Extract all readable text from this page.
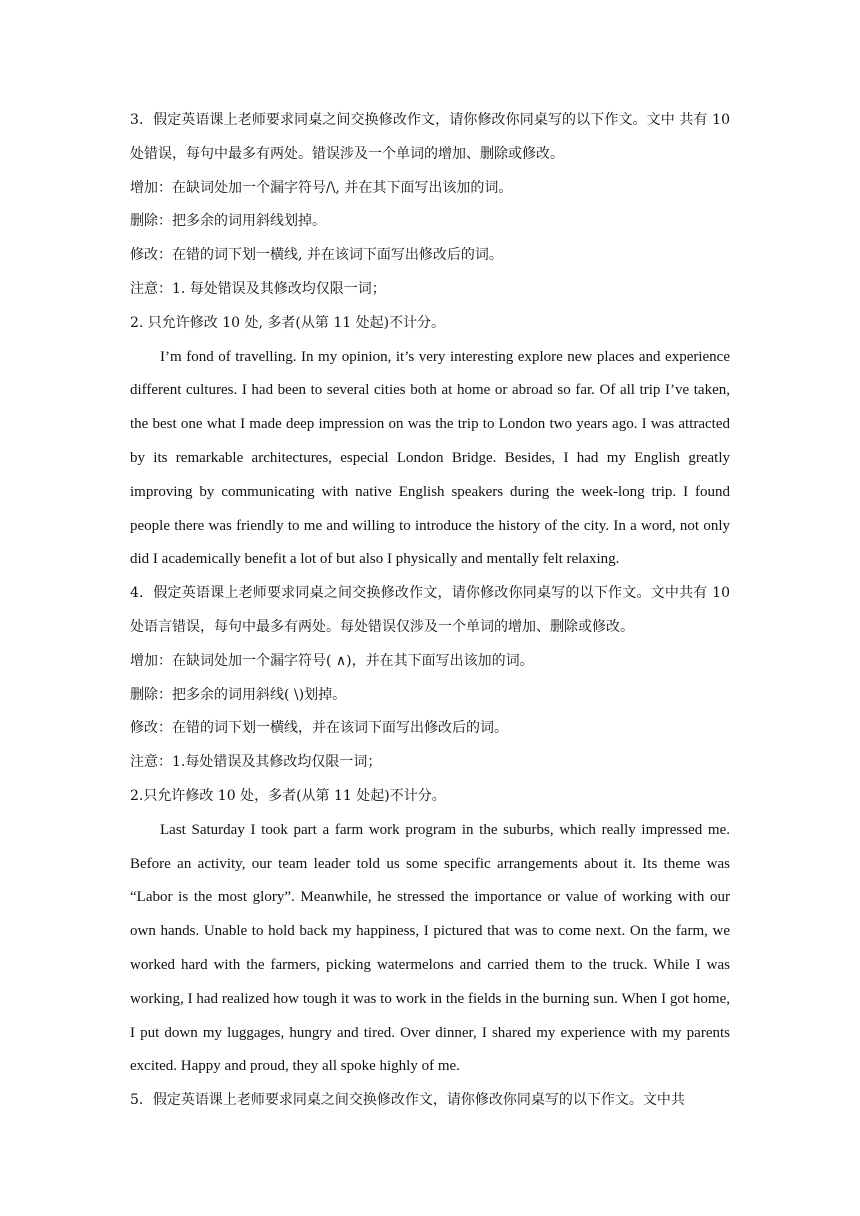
3．假定英语课上老师要求同桌之间交换修改作文，请你修改你同桌写的以下作文。文中 共有 10 处错误，每句中最多有两处。错误涉及一个单词的增加、删除或修改。

增加：在缺词处加一个漏字符号/\, 并在其下面写出该加的词。

删除：把多余的词用斜线划掉。

修改：在错的词下划一横线, 并在该词下面写出修改后的词。

注意：1. 每处错误及其修改均仅限一词；

2. 只允许修改 10 处, 多者(从第 11 处起)不计分。

I’m fond of travelling. In my opinion, it’s very interesting explore new places and experience different cultures. I had been to several cities both at home or abroad so far. Of all trip I’ve taken, the best one what I made deep impression on was the trip to London two years ago. I was attracted by its remarkable architectures, especial London Bridge. Besides, I had my English greatly improving by communicating with native English speakers during the week-long trip. I found people there was friendly to me and willing to introduce the history of the city. In a word, not only did I academically benefit a lot of but also I physically and mentally felt relaxing.

4．假定英语课上老师要求同桌之间交换修改作文，请你修改你同桌写的以下作文。文中共有 10 处语言错误，每句中最多有两处。每处错误仅涉及一个单词的增加、删除或修改。

增加：在缺词处加一个漏字符号( ∧)，并在其下面写出该加的词。

删除：把多余的词用斜线( \)划掉。

修改：在错的词下划一横线，并在该词下面写出修改后的词。

注意：1.每处错误及其修改均仅限一词；

2.只允许修改 10 处，多者(从第 11 处起)不计分。

Last Saturday I took part a farm work program in the suburbs, which really impressed me. Before an activity, our team leader told us some specific arrangements about it. Its theme was “Labor is the most glory”. Meanwhile, he stressed the importance or value of working with our own hands. Unable to hold back my happiness, I pictured that was to come next. On the farm, we worked hard with the farmers, picking watermelons and carried them to the truck. While I was working, I had realized how tough it was to work in the fields in the burning sun. When I got home, I put down my luggages, hungry and tired. Over dinner, I shared my experience with my parents excited. Happy and proud, they all spoke highly of me.

5．假定英语课上老师要求同桌之间交换修改作文，请你修改你同桌写的以下作文。文中共
